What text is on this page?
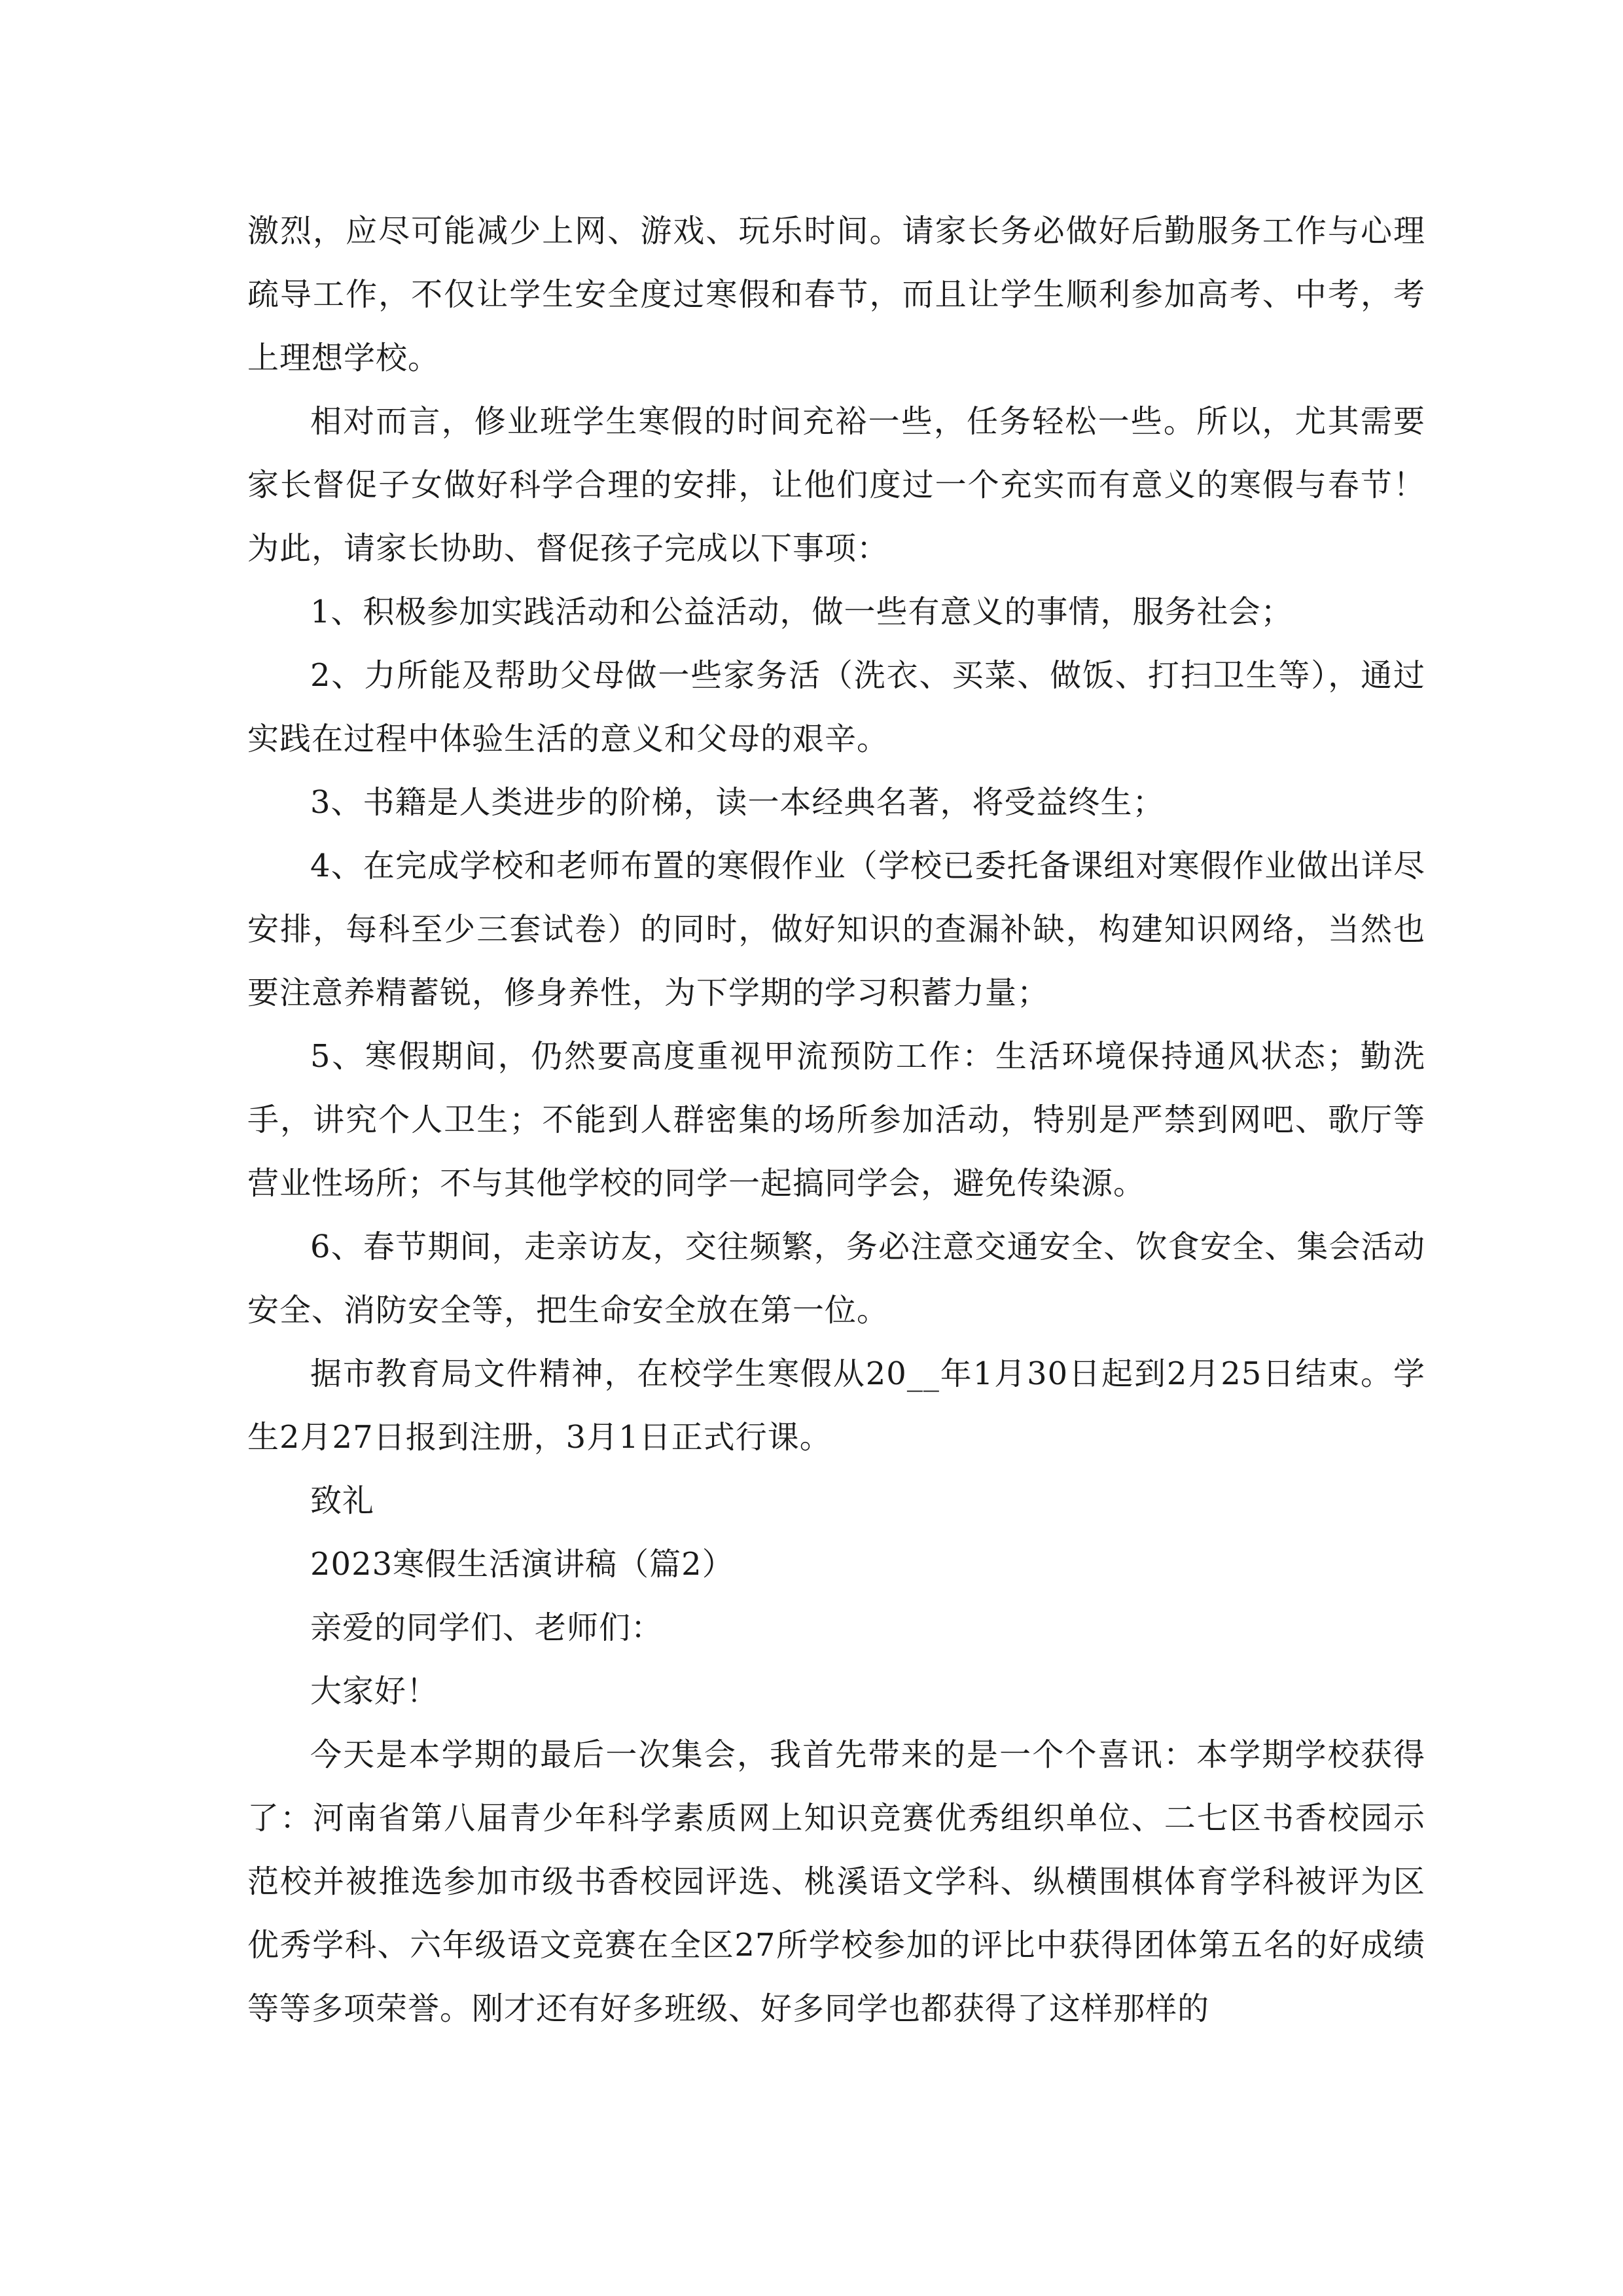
激烈，应尽可能减少上网、游戏、玩乐时间。请家长务必做好后勤服务工作与心理疏导工作，不仅让学生安全度过寒假和春节，而且让学生顺利参加高考、中考，考上理想学校。

相对而言，修业班学生寒假的时间充裕一些，任务轻松一些。所以，尤其需要家长督促子女做好科学合理的安排，让他们度过一个充实而有意义的寒假与春节！为此，请家长协助、督促孩子完成以下事项：

1、积极参加实践活动和公益活动，做一些有意义的事情，服务社会；

2、力所能及帮助父母做一些家务活（洗衣、买菜、做饭、打扫卫生等），通过实践在过程中体验生活的意义和父母的艰辛。

3、书籍是人类进步的阶梯，读一本经典名著，将受益终生；

4、在完成学校和老师布置的寒假作业（学校已委托备课组对寒假作业做出详尽安排，每科至少三套试卷）的同时，做好知识的查漏补缺，构建知识网络，当然也要注意养精蓄锐，修身养性，为下学期的学习积蓄力量；

5、寒假期间，仍然要高度重视甲流预防工作：生活环境保持通风状态；勤洗手，讲究个人卫生；不能到人群密集的场所参加活动，特别是严禁到网吧、歌厅等营业性场所；不与其他学校的同学一起搞同学会，避免传染源。

6、春节期间，走亲访友，交往频繁，务必注意交通安全、饮食安全、集会活动安全、消防安全等，把生命安全放在第一位。

据市教育局文件精神，在校学生寒假从20__年1月30日起到2月25日结束。学生2月27日报到注册，3月1日正式行课。

致礼

2023寒假生活演讲稿（篇2）

亲爱的同学们、老师们：

大家好！

今天是本学期的最后一次集会，我首先带来的是一个个喜讯：本学期学校获得了：河南省第八届青少年科学素质网上知识竞赛优秀组织单位、二七区书香校园示范校并被推选参加市级书香校园评选、桃溪语文学科、纵横围棋体育学科被评为区优秀学科、六年级语文竞赛在全区27所学校参加的评比中获得团体第五名的好成绩等等多项荣誉。刚才还有好多班级、好多同学也都获得了这样那样的
